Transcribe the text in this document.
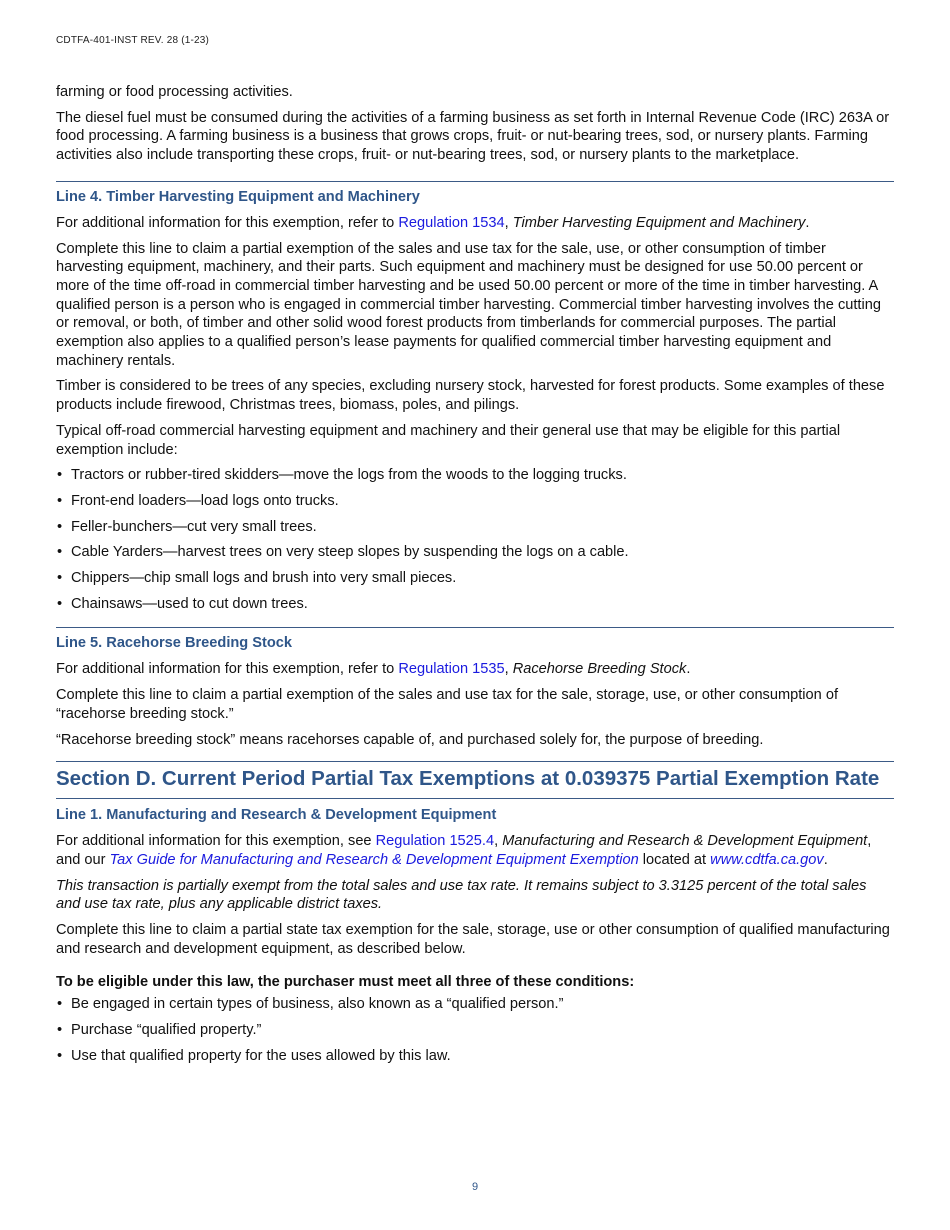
CDTFA-401-INST REV. 28 (1-23)

farming or food processing activities.

The diesel fuel must be consumed during the activities of a farming business as set forth in Internal Revenue Code (IRC) 263A or food processing. A farming business is a business that grows crops, fruit- or nut-bearing trees, sod, or nursery plants. Farming activities also include transporting these crops, fruit- or nut-bearing trees, sod, or nursery plants to the marketplace.

Line 4. Timber Harvesting Equipment and Machinery

For additional information for this exemption, refer to Regulation 1534, Timber Harvesting Equipment and Machinery.

Complete this line to claim a partial exemption of the sales and use tax for the sale, use, or other consumption of timber harvesting equipment, machinery, and their parts. Such equipment and machinery must be designed for use 50.00 percent or more of the time off-road in commercial timber harvesting and be used 50.00 percent or more of the time in timber harvesting. A qualified person is a person who is engaged in commercial timber harvesting. Commercial timber harvesting involves the cutting or removal, or both, of timber and other solid wood forest products from timberlands for commercial purposes. The partial exemption also applies to a qualified person’s lease payments for qualified commercial timber harvesting equipment and machinery rentals.

Timber is considered to be trees of any species, excluding nursery stock, harvested for forest products. Some examples of these products include firewood, Christmas trees, biomass, poles, and pilings.

Typical off-road commercial harvesting equipment and machinery and their general use that may be eligible for this partial exemption include:

• Tractors or rubber-tired skidders—move the logs from the woods to the logging trucks.
• Front-end loaders—load logs onto trucks.
• Feller-bunchers—cut very small trees.
• Cable Yarders—harvest trees on very steep slopes by suspending the logs on a cable.
• Chippers—chip small logs and brush into very small pieces.
• Chainsaws—used to cut down trees.
Line 5. Racehorse Breeding Stock

For additional information for this exemption, refer to Regulation 1535, Racehorse Breeding Stock.

Complete this line to claim a partial exemption of the sales and use tax for the sale, storage, use, or other consumption of “racehorse breeding stock.”

“Racehorse breeding stock” means racehorses capable of, and purchased solely for, the purpose of breeding.

Section D. Current Period Partial Tax Exemptions at 0.039375 Partial Exemption Rate
Line 1. Manufacturing and Research & Development Equipment

For additional information for this exemption, see Regulation 1525.4, Manufacturing and Research & Development Equipment, and our Tax Guide for Manufacturing and Research & Development Equipment Exemption located at www.cdtfa.ca.gov.

This transaction is partially exempt from the total sales and use tax rate. It remains subject to 3.3125 percent of the total sales and use tax rate, plus any applicable district taxes.

Complete this line to claim a partial state tax exemption for the sale, storage, use or other consumption of qualified manufacturing and research and development equipment, as described below.

To be eligible under this law, the purchaser must meet all three of these conditions:

• Be engaged in certain types of business, also known as a “qualified person.”
• Purchase “qualified property.”
• Use that qualified property for the uses allowed by this law.
9
